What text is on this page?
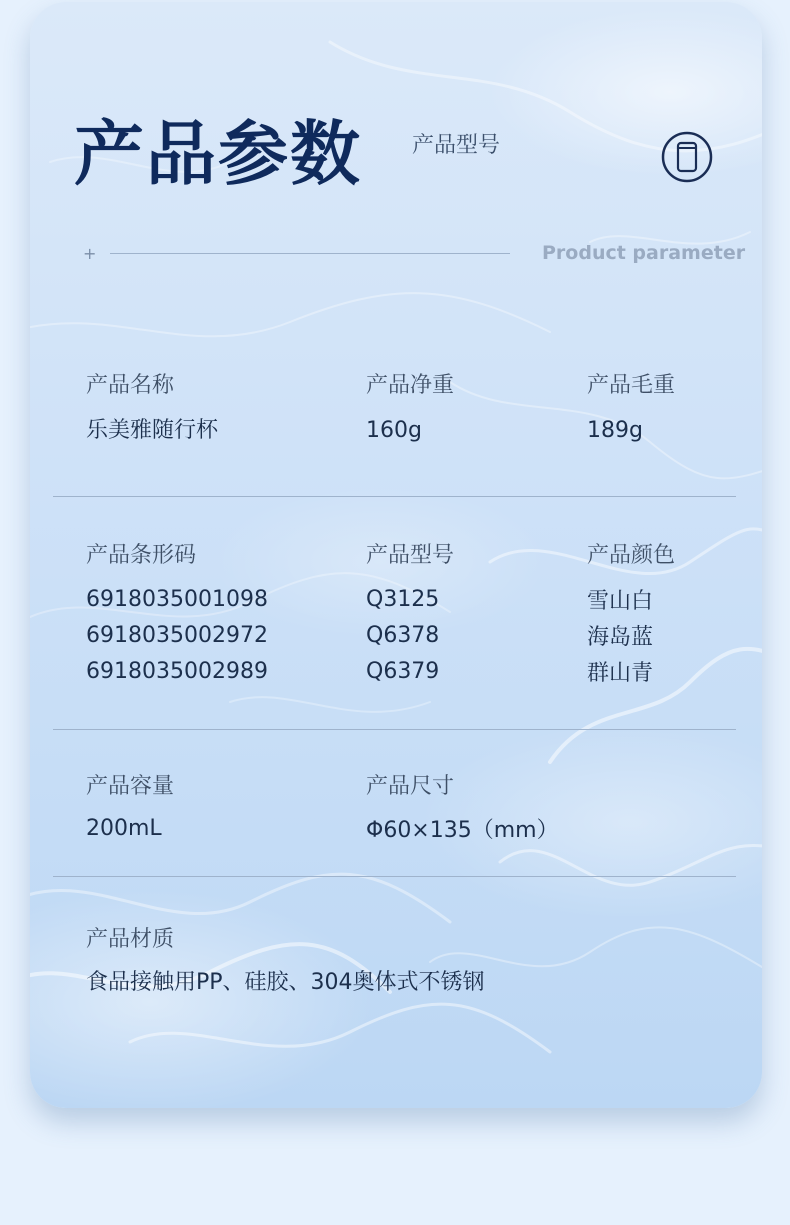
产品参数 产品型号
+	Product parameter
产品名称
乐美雅随行杯
产品净重
160g
产品毛重
189g
产品条形码
6918035001098
6918035002972
6918035002989
产品型号
Q3125
Q6378
Q6379
产品颜色
雪山白
海岛蓝
群山青
产品容量
200mL
产品尺寸
Φ60×135（mm）
产品材质
食品接触用PP、硅胶、304奥体式不锈钢
